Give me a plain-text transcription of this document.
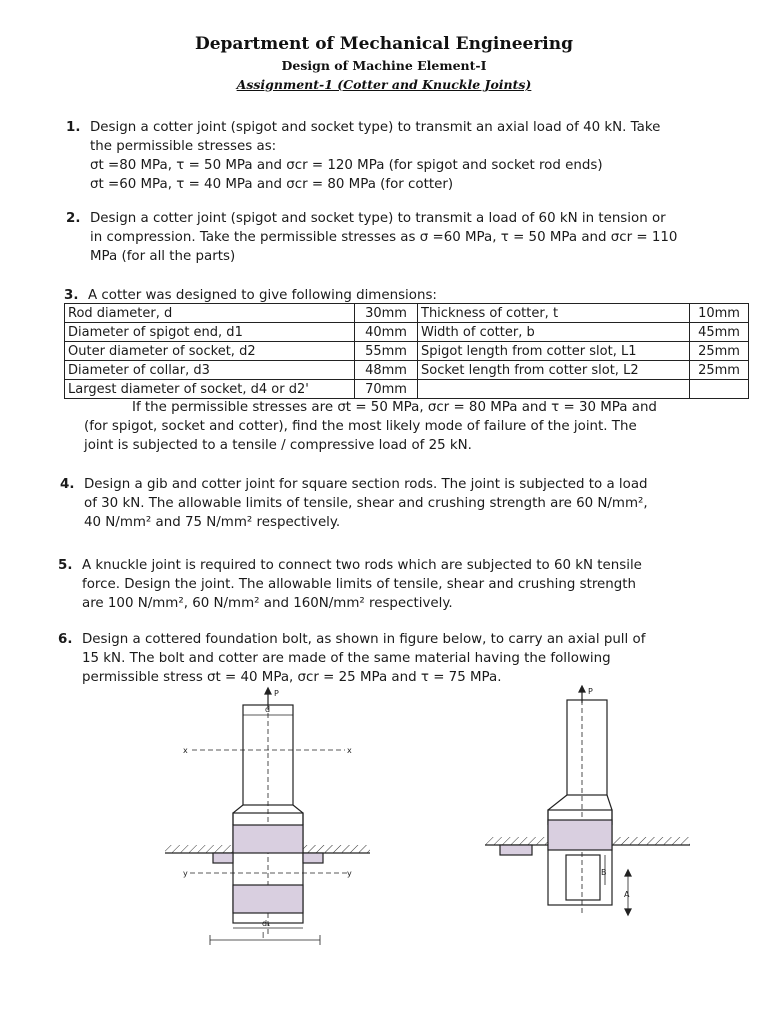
Department of Mechanical Engineering
Design of Machine Element-I
Assignment-1 (Cotter and Knuckle Joints)
1. Design a cotter joint (spigot and socket type) to transmit an axial load of 40 kN. Take
the permissible stresses as:
σt =80 MPa, τ = 50 MPa and σcr = 120 MPa (for spigot and socket rod ends)
σt =60 MPa, τ = 40 MPa and σcr = 80 MPa (for cotter)
2. Design a cotter joint (spigot and socket type) to transmit a load of 60 kN in tension or
in compression. Take the permissible stresses as σ =60 MPa, τ = 50 MPa and σcr = 110
MPa (for all the parts)
3. A cotter was designed to give following dimensions:
Rod diameter, d	30mm	Thickness of cotter, t	10mm
Diameter of spigot end, d1	40mm	Width of cotter, b	45mm
Outer diameter of socket, d2	55mm	Spigot length from cotter slot, L1	25mm
Diameter of collar, d3	48mm	Socket length from cotter slot, L2	25mm
Largest diameter of socket, d4 or d2'	70mm		
If the permissible stresses are σt = 50 MPa, σcr = 80 MPa and τ = 30 MPa and
(for spigot, socket and cotter), find the most likely mode of failure of the joint. The
joint is subjected to a tensile / compressive load of 25 kN.
4. Design a gib and cotter joint for square section rods. The joint is subjected to a load
of 30 kN. The allowable limits of tensile, shear and crushing strength are 60 N/mm²,
40 N/mm² and 75 N/mm² respectively.
5. A knuckle joint is required to connect two rods which are subjected to 60 kN tensile
force. Design the joint. The allowable limits of tensile, shear and crushing strength
are 100 N/mm², 60 N/mm² and 160N/mm² respectively.
6. Design a cottered foundation bolt, as shown in figure below, to carry an axial pull of
15 kN. The bolt and cotter are made of the same material having the following
permissible stress σt = 40 MPa, σcr = 25 MPa and τ = 75 MPa.
P
d
x	x
y	y
d₁
l
P
B
A
